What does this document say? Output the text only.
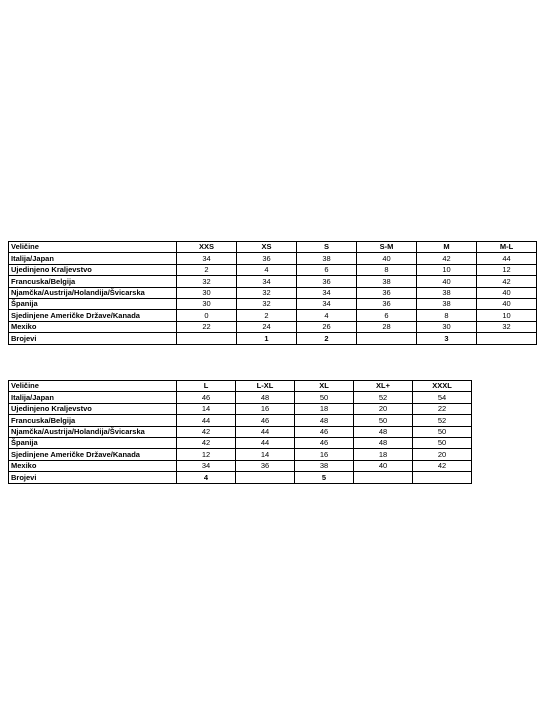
Veličine	XXS	XS	S	S-M	M	M-L
Italija/Japan	34	36	38	40	42	44
Ujedinjeno Kraljevstvo	2	4	6	8	10	12
Francuska/Belgija	32	34	36	38	40	42
Njamčka/Austrija/Holandija/Švicarska	30	32	34	36	38	40
Španija	30	32	34	36	38	40
Sjedinjene Američke Države/Kanada	0	2	4	6	8	10
Mexiko	22	24	26	28	30	32
Brojevi		1	2		3	
Veličine	L	L-XL	XL	XL+	XXXL
Italija/Japan	46	48	50	52	54
Ujedinjeno Kraljevstvo	14	16	18	20	22
Francuska/Belgija	44	46	48	50	52
Njamčka/Austrija/Holandija/Švicarska	42	44	46	48	50
Španija	42	44	46	48	50
Sjedinjene Američke Države/Kanada	12	14	16	18	20
Mexiko	34	36	38	40	42
Brojevi	4		5		
